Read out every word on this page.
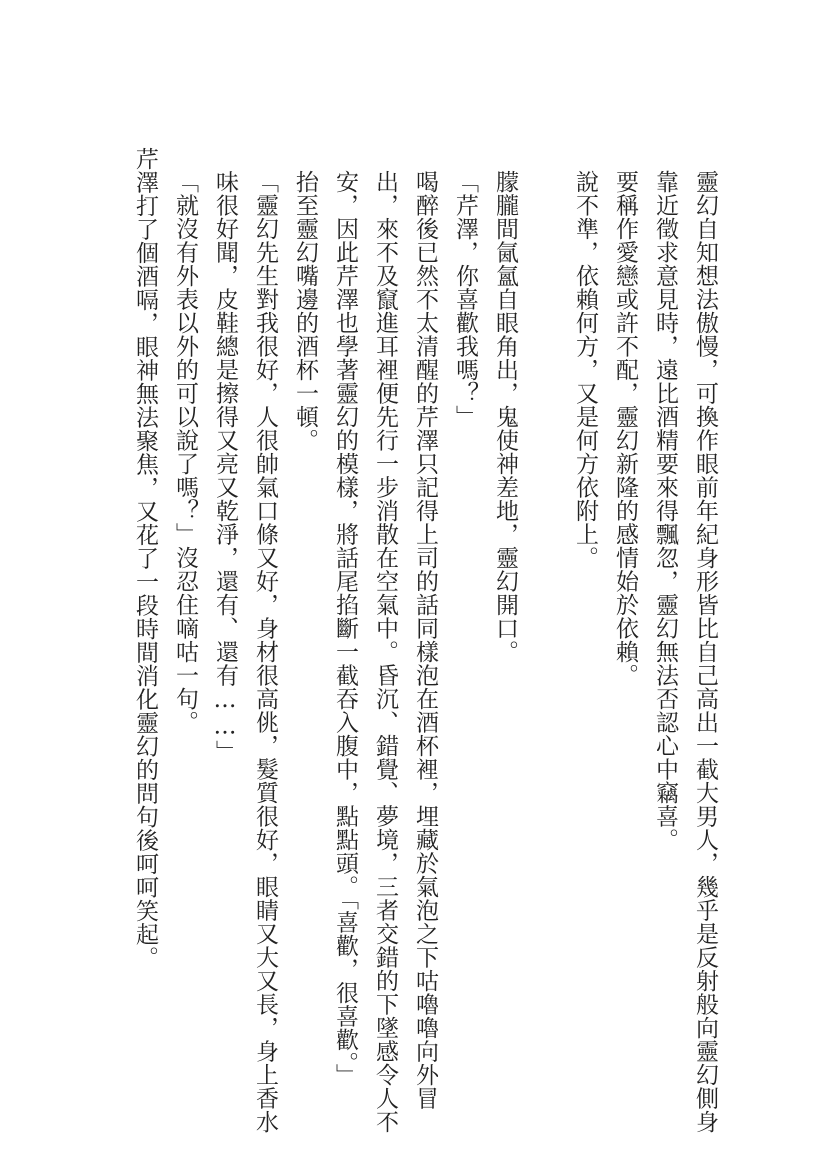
靈幻自知想法傲慢，可換作眼前年紀身形皆比自己高出一截大男人，幾乎是反射般向靈幻側身靠近徵求意見時，遠比酒精要來得飄忽，靈幻無法否認心中竊喜。

要稱作愛戀或許不配，靈幻新隆的感情始於依賴。

說不準，依賴何方，又是何方依附上。

朦朧間氤氳自眼角出，鬼使神差地，靈幻開口。

「芹澤，你喜歡我嗎？」

喝醉後已然不太清醒的芹澤只記得上司的話同樣泡在酒杯裡，埋藏於氣泡之下咕嚕嚕向外冒出，來不及竄進耳裡便先行一步消散在空氣中。昏沉、錯覺、夢境，三者交錯的下墜感令人不安，因此芹澤也學著靈幻的模樣，將話尾掐斷一截吞入腹中，點點頭。「喜歡，很喜歡。」

抬至靈幻嘴邊的酒杯一頓。

「靈幻先生對我很好，人很帥氣口條又好，身材很高佻，髮質很好，眼睛又大又長，身上香水味很好聞，皮鞋總是擦得又亮又乾淨，還有、還有……」

「就沒有外表以外的可以說了嗎？」沒忍住嘀咕一句。

芹澤打了個酒嗝，眼神無法聚焦，又花了一段時間消化靈幻的問句後呵呵笑起。
